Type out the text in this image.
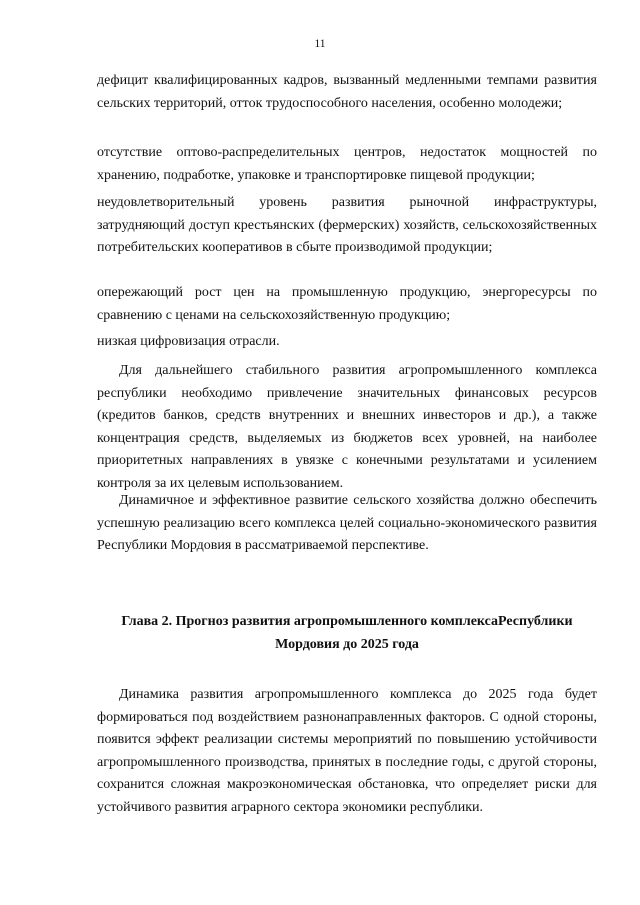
11

дефицит квалифицированных кадров, вызванный медленными темпами развития сельских территорий, отток трудоспособного населения, особенно молодежи;

отсутствие оптово-распределительных центров, недостаток мощностей по хранению, подработке, упаковке и транспортировке пищевой продукции;

неудовлетворительный уровень развития рыночной инфраструктуры, затрудняющий доступ крестьянских (фермерских) хозяйств, сельскохозяйственных потребительских кооперативов в сбыте производимой продукции;

опережающий рост цен на промышленную продукцию, энергоресурсы по сравнению с ценами на сельскохозяйственную продукцию;

низкая цифровизация отрасли.

Для дальнейшего стабильного развития агропромышленного комплекса республики необходимо привлечение значительных финансовых ресурсов (кредитов банков, средств внутренних и внешних инвесторов и др.), а также концентрация средств, выделяемых из бюджетов всех уровней, на наиболее приоритетных направлениях в увязке с конечными результатами и усилением контроля за их целевым использованием.

Динамичное и эффективное развитие сельского хозяйства должно обеспечить успешную реализацию всего комплекса целей социально-экономического развития Республики Мордовия в рассматриваемой перспективе.

Глава 2. Прогноз развития агропромышленного комплексаРеспублики Мордовия до 2025 года

Динамика развития агропромышленного комплекса до 2025 года будет формироваться под воздействием разнонаправленных факторов. С одной стороны, появится эффект реализации системы мероприятий по повышению устойчивости агропромышленного производства, принятых в последние годы, с другой стороны, сохранится сложная макроэкономическая обстановка, что определяет риски для устойчивого развития аграрного сектора экономики республики.
